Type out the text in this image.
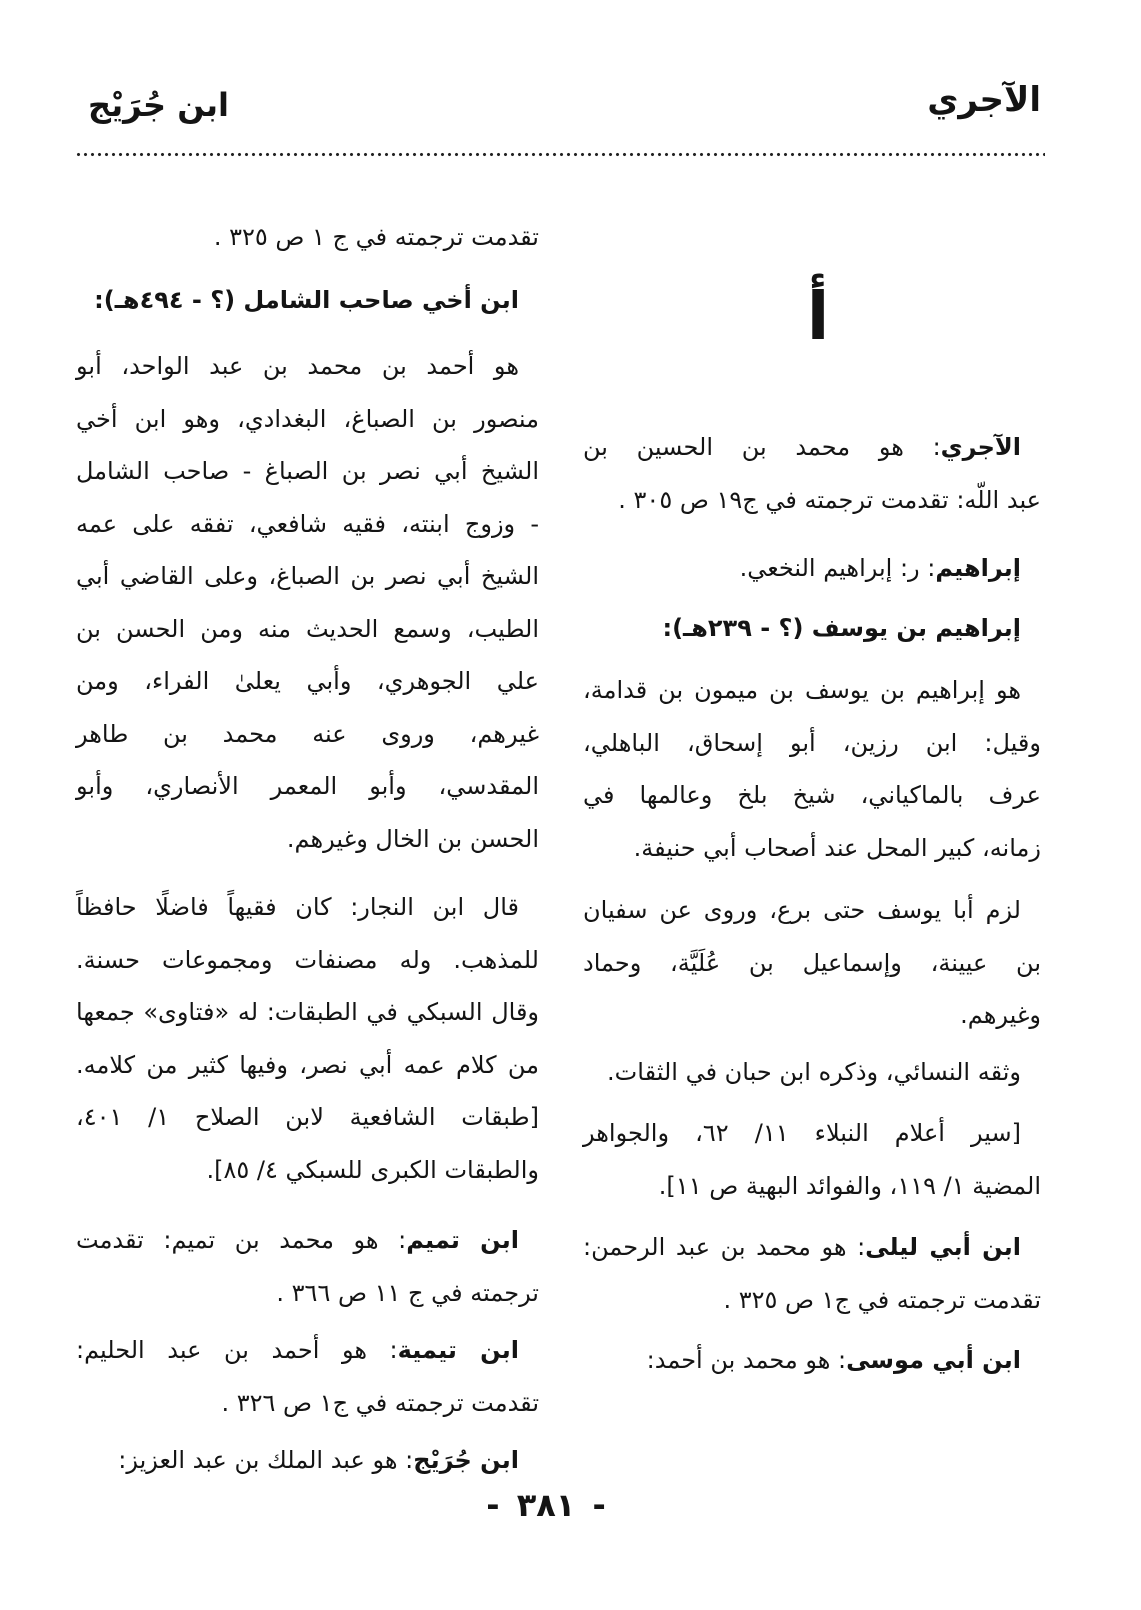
الآجري
ابن جُرَيْج
أ
الآجري: هو محمد بن الحسين بن
عبد اللّه: تقدمت ترجمته في ج١٩ ص ٣٠٥ .
إبراهيم: ر: إبراهيم النخعي.
إبراهيم بن يوسف (؟ - ٢٣٩هـ):
هو إبراهيم بن يوسف بن ميمون بن قدامة،
وقيل: ابن رزين، أبو إسحاق، الباهلي،
عرف بالماكياني، شيخ بلخ وعالمها في
زمانه، كبير المحل عند أصحاب أبي حنيفة.
لزم أبا يوسف حتى برع، وروى عن سفيان
بن عيينة، وإسماعيل بن عُلَيَّة، وحماد
وغيرهم.
وثقه النسائي، وذكره ابن حبان في الثقات.
[سير أعلام النبلاء ١١/ ٦٢، والجواهر
المضية ١/ ١١٩، والفوائد البهية ص ١١].
ابن أبي ليلى: هو محمد بن عبد الرحمن:
تقدمت ترجمته في ج١ ص ٣٢٥ .
ابن أبي موسى: هو محمد بن أحمد:
تقدمت ترجمته في ج ١ ص ٣٢٥ .
ابن أخي صاحب الشامل (؟ - ٤٩٤هـ):
هو أحمد بن محمد بن عبد الواحد، أبو
منصور بن الصباغ، البغدادي، وهو ابن أخي
الشيخ أبي نصر بن الصباغ - صاحب الشامل
- وزوج ابنته، فقيه شافعي، تفقه على عمه
الشيخ أبي نصر بن الصباغ، وعلى القاضي أبي
الطيب، وسمع الحديث منه ومن الحسن بن
علي الجوهري، وأبي يعلىٰ الفراء، ومن
غيرهم، وروى عنه محمد بن طاهر
المقدسي، وأبو المعمر الأنصاري، وأبو
الحسن بن الخال وغيرهم.
قال ابن النجار: كان فقيهاً فاضلًا حافظاً
للمذهب. وله مصنفات ومجموعات حسنة.
وقال السبكي في الطبقات: له «فتاوى» جمعها
من كلام عمه أبي نصر، وفيها كثير من كلامه.
[طبقات الشافعية لابن الصلاح ١/ ٤٠١،
والطبقات الكبرى للسبكي ٤/ ٨٥].
ابن تميم: هو محمد بن تميم: تقدمت
ترجمته في ج ١١ ص ٣٦٦ .
ابن تيمية: هو أحمد بن عبد الحليم:
تقدمت ترجمته في ج١ ص ٣٢٦ .
ابن جُرَيْج: هو عبد الملك بن عبد العزيز:
- ٣٨١ -
